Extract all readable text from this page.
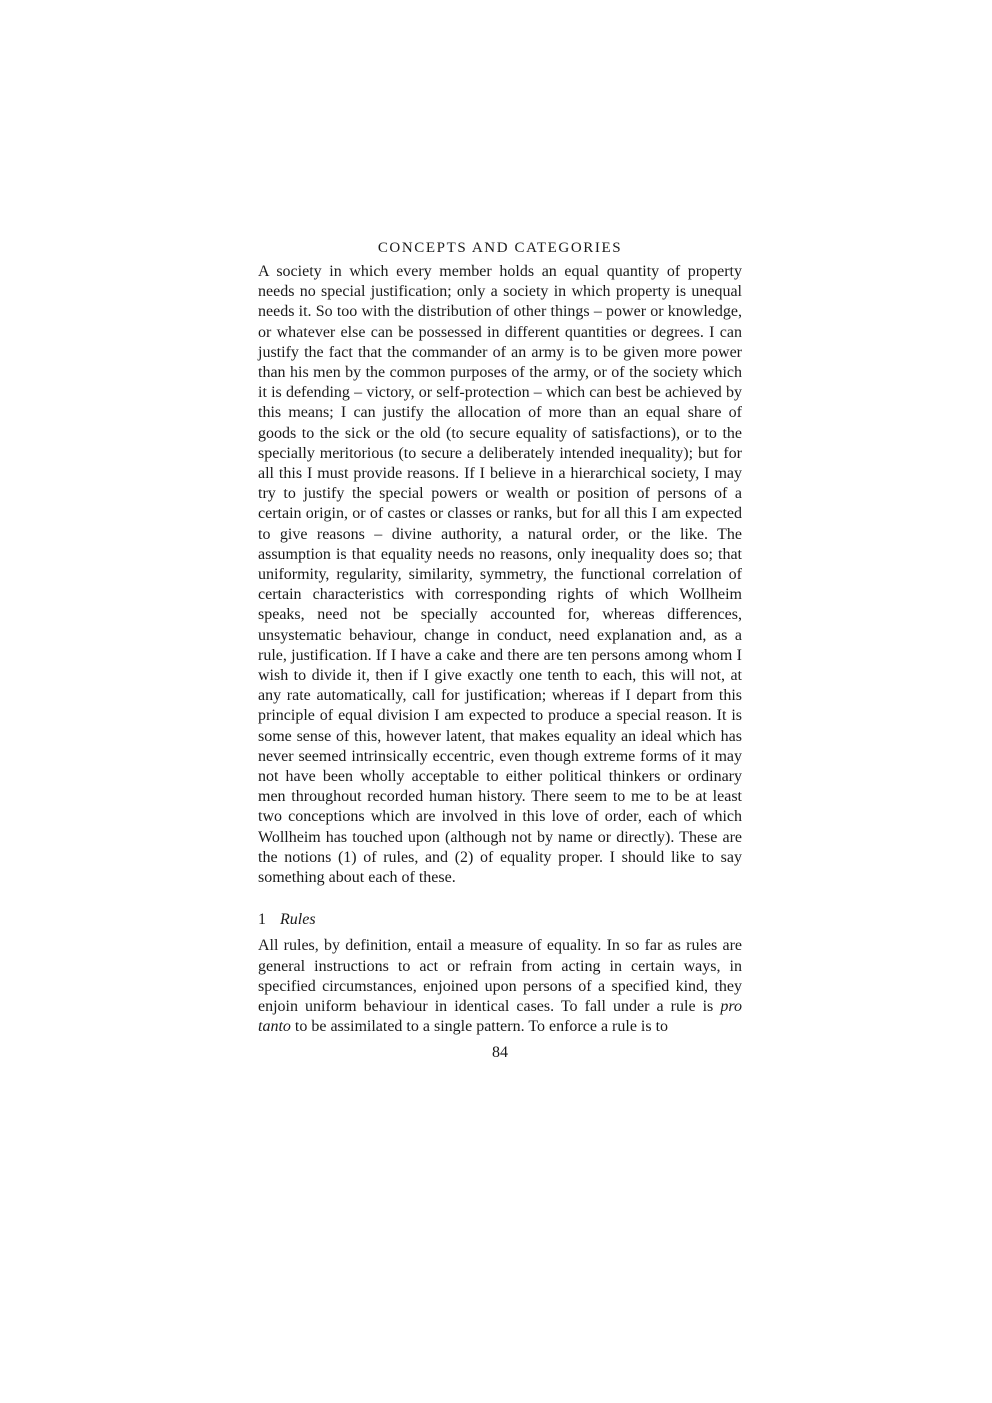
CONCEPTS AND CATEGORIES

A society in which every member holds an equal quantity of property needs no special justification; only a society in which property is unequal needs it. So too with the distribution of other things – power or knowledge, or whatever else can be possessed in different quantities or degrees. I can justify the fact that the commander of an army is to be given more power than his men by the common purposes of the army, or of the society which it is defending – victory, or self-protection – which can best be achieved by this means; I can justify the allocation of more than an equal share of goods to the sick or the old (to secure equality of satisfactions), or to the specially meritorious (to secure a deliberately intended inequality); but for all this I must provide reasons. If I believe in a hierarchical society, I may try to justify the special powers or wealth or position of persons of a certain origin, or of castes or classes or ranks, but for all this I am expected to give reasons – divine authority, a natural order, or the like. The assumption is that equality needs no reasons, only inequality does so; that uniformity, regularity, similarity, symmetry, the functional correlation of certain characteristics with corresponding rights of which Wollheim speaks, need not be specially accounted for, whereas differences, unsystematic behaviour, change in conduct, need explanation and, as a rule, justification. If I have a cake and there are ten persons among whom I wish to divide it, then if I give exactly one tenth to each, this will not, at any rate automatically, call for justification; whereas if I depart from this principle of equal division I am expected to produce a special reason. It is some sense of this, however latent, that makes equality an ideal which has never seemed intrinsically eccentric, even though extreme forms of it may not have been wholly acceptable to either political thinkers or ordinary men throughout recorded human history. There seem to me to be at least two conceptions which are involved in this love of order, each of which Wollheim has touched upon (although not by name or directly). These are the notions (1) of rules, and (2) of equality proper. I should like to say something about each of these.

1 Rules

All rules, by definition, entail a measure of equality. In so far as rules are general instructions to act or refrain from acting in certain ways, in specified circumstances, enjoined upon persons of a specified kind, they enjoin uniform behaviour in identical cases. To fall under a rule is pro tanto to be assimilated to a single pattern. To enforce a rule is to

84
